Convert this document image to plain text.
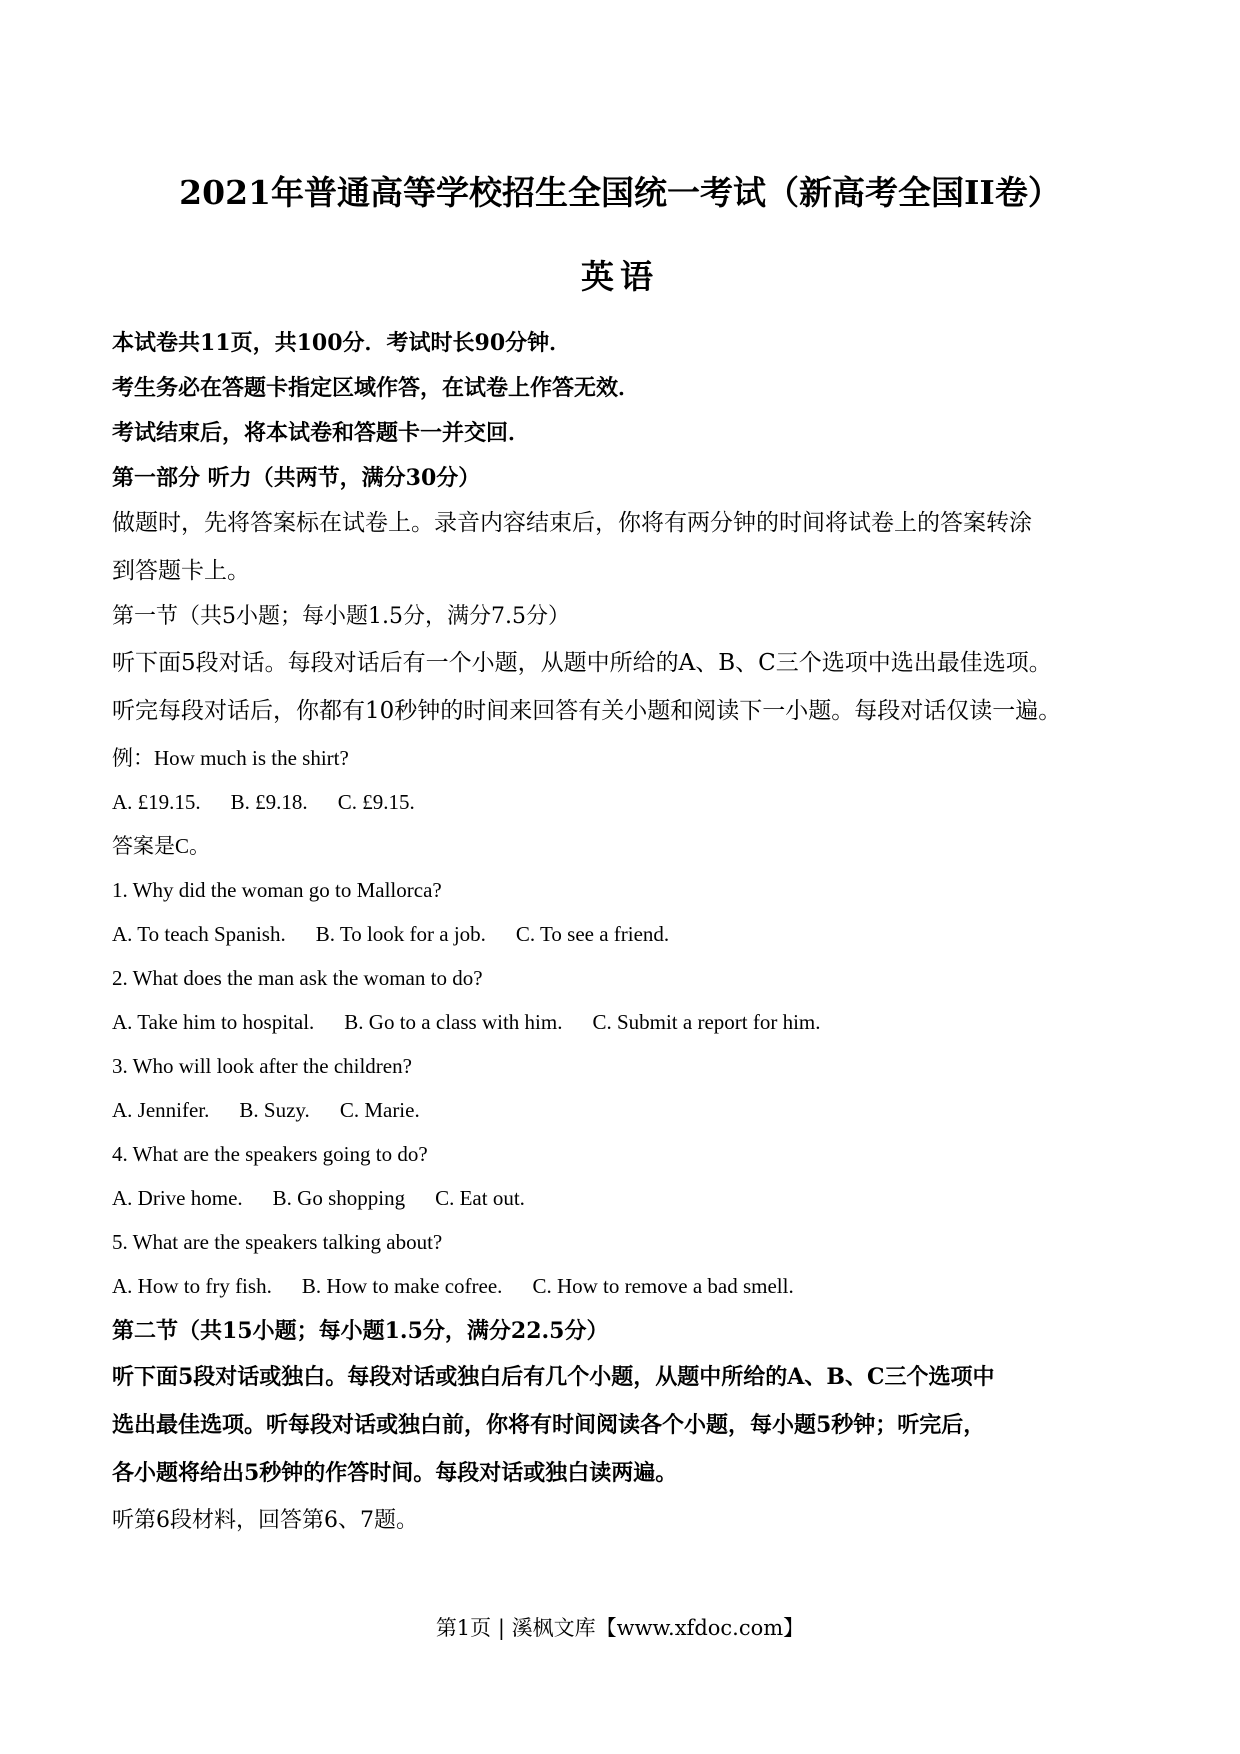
2021年普通高等学校招生全国统一考试（新高考全国II卷）
英语
本试卷共11页，共100分．考试时长90分钟．
考生务必在答题卡指定区域作答，在试卷上作答无效．
考试结束后，将本试卷和答题卡一并交回．
第一部分 听力（共两节，满分30分）
做题时，先将答案标在试卷上。录音内容结束后，你将有两分钟的时间将试卷上的答案转涂
到答题卡上。
第一节（共5小题；每小题1.5分，满分7.5分）
听下面5段对话。每段对话后有一个小题，从题中所给的A、B、C三个选项中选出最佳选项。
听完每段对话后，你都有10秒钟的时间来回答有关小题和阅读下一小题。每段对话仅读一遍。
例：How much is the shirt?
A. £19.15. B. £9.18. C. £9.15.
答案是C。
1. Why did the woman go to Mallorca?
A. To teach Spanish. B. To look for a job. C. To see a friend.
2. What does the man ask the woman to do?
A. Take him to hospital. B. Go to a class with him. C. Submit a report for him.
3. Who will look after the children?
A. Jennifer. B. Suzy. C. Marie.
4. What are the speakers going to do?
A. Drive home. B. Go shopping C. Eat out.
5. What are the speakers talking about?
A. How to fry fish. B. How to make cofree. C. How to remove a bad smell.
第二节（共15小题；每小题1.5分，满分22.5分）
听下面5段对话或独白。每段对话或独白后有几个小题，从题中所给的A、B、C三个选项中
选出最佳选项。听每段对话或独白前，你将有时间阅读各个小题，每小题5秒钟；听完后，
各小题将给出5秒钟的作答时间。每段对话或独白读两遍。
听第6段材料，回答第6、7题。
第1页 | 溪枫文库【www.xfdoc.com】
